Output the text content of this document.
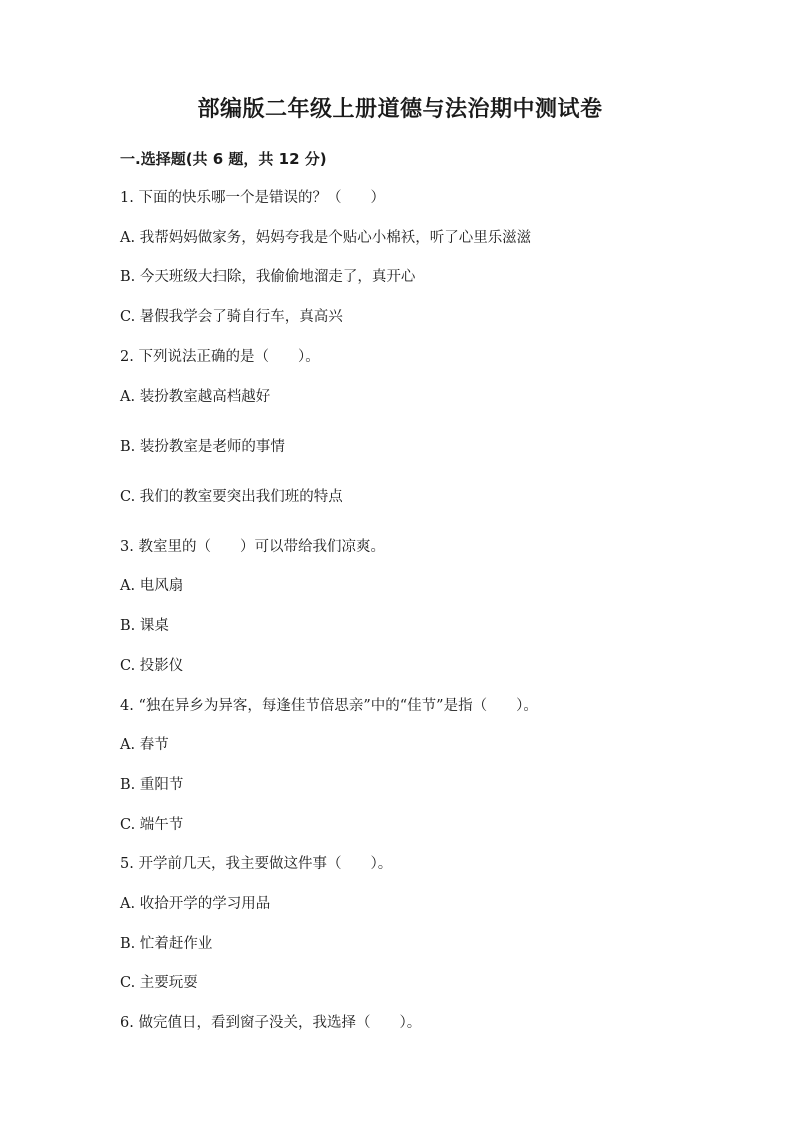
部编版二年级上册道德与法治期中测试卷
一.选择题(共 6 题，共 12 分)
1. 下面的快乐哪一个是错误的？（　　）
A. 我帮妈妈做家务，妈妈夸我是个贴心小棉袄，听了心里乐滋滋
B. 今天班级大扫除，我偷偷地溜走了，真开心
C. 暑假我学会了骑自行车，真高兴
2. 下列说法正确的是（　　）。
A. 装扮教室越高档越好
B. 装扮教室是老师的事情
C. 我们的教室要突出我们班的特点
3. 教室里的（　　）可以带给我们凉爽。
A. 电风扇
B. 课桌
C. 投影仪
4. “独在异乡为异客，每逢佳节倍思亲”中的“佳节”是指（　　）。
A. 春节
B. 重阳节
C. 端午节
5. 开学前几天，我主要做这件事（　　）。
A. 收拾开学的学习用品
B. 忙着赶作业
C. 主要玩耍
6. 做完值日，看到窗子没关，我选择（　　）。
